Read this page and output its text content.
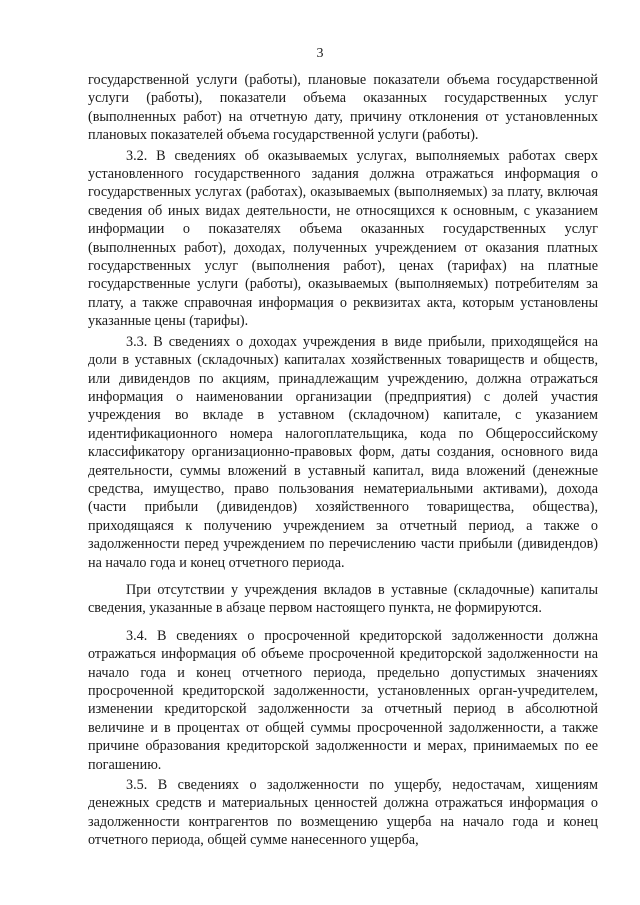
3

государственной услуги (работы), плановые показатели объема государственной услуги (работы), показатели объема оказанных государственных услуг (выполненных работ) на отчетную дату, причину отклонения от установленных плановых показателей объема государственной услуги (работы).

3.2. В сведениях об оказываемых услугах, выполняемых работах сверх установленного государственного задания должна отражаться информация о государственных услугах (работах), оказываемых (выполняемых) за плату, включая сведения об иных видах деятельности, не относящихся к основным, с указанием информации о показателях объема оказанных государственных услуг (выполненных работ), доходах, полученных учреждением от оказания платных государственных услуг (выполнения работ), ценах (тарифах) на платные государственные услуги (работы), оказываемых (выполняемых) потребителям за плату, а также справочная информация о реквизитах акта, которым установлены указанные цены (тарифы).

3.3. В сведениях о доходах учреждения в виде прибыли, приходящейся на доли в уставных (складочных) капиталах хозяйственных товариществ и обществ, или дивидендов по акциям, принадлежащим учреждению, должна отражаться информация о наименовании организации (предприятия) с долей участия учреждения во вкладе в уставном (складочном) капитале, с указанием идентификационного номера налогоплательщика, кода по Общероссийскому классификатору организационно-правовых форм, даты создания, основного вида деятельности, суммы вложений в уставный капитал, вида вложений (денежные средства, имущество, право пользования нематериальными активами), дохода (части прибыли (дивидендов) хозяйственного товарищества, общества), приходящаяся к получению учреждением за отчетный период, а также о задолженности перед учреждением по перечислению части прибыли (дивидендов) на начало года и конец отчетного периода.

При отсутствии у учреждения вкладов в уставные (складочные) капиталы сведения, указанные в абзаце первом настоящего пункта, не формируются.

3.4. В сведениях о просроченной кредиторской задолженности должна отражаться информация об объеме просроченной кредиторской задолженности на начало года и конец отчетного периода, предельно допустимых значениях просроченной кредиторской задолженности, установленных орган-учредителем, изменении кредиторской задолженности за отчетный период в абсолютной величине и в процентах от общей суммы просроченной задолженности, а также причине образования кредиторской задолженности и мерах, принимаемых по ее погашению.

3.5. В сведениях о задолженности по ущербу, недостачам, хищениям денежных средств и материальных ценностей должна отражаться информация о задолженности контрагентов по возмещению ущерба на начало года и конец отчетного периода, общей сумме нанесенного ущерба,
